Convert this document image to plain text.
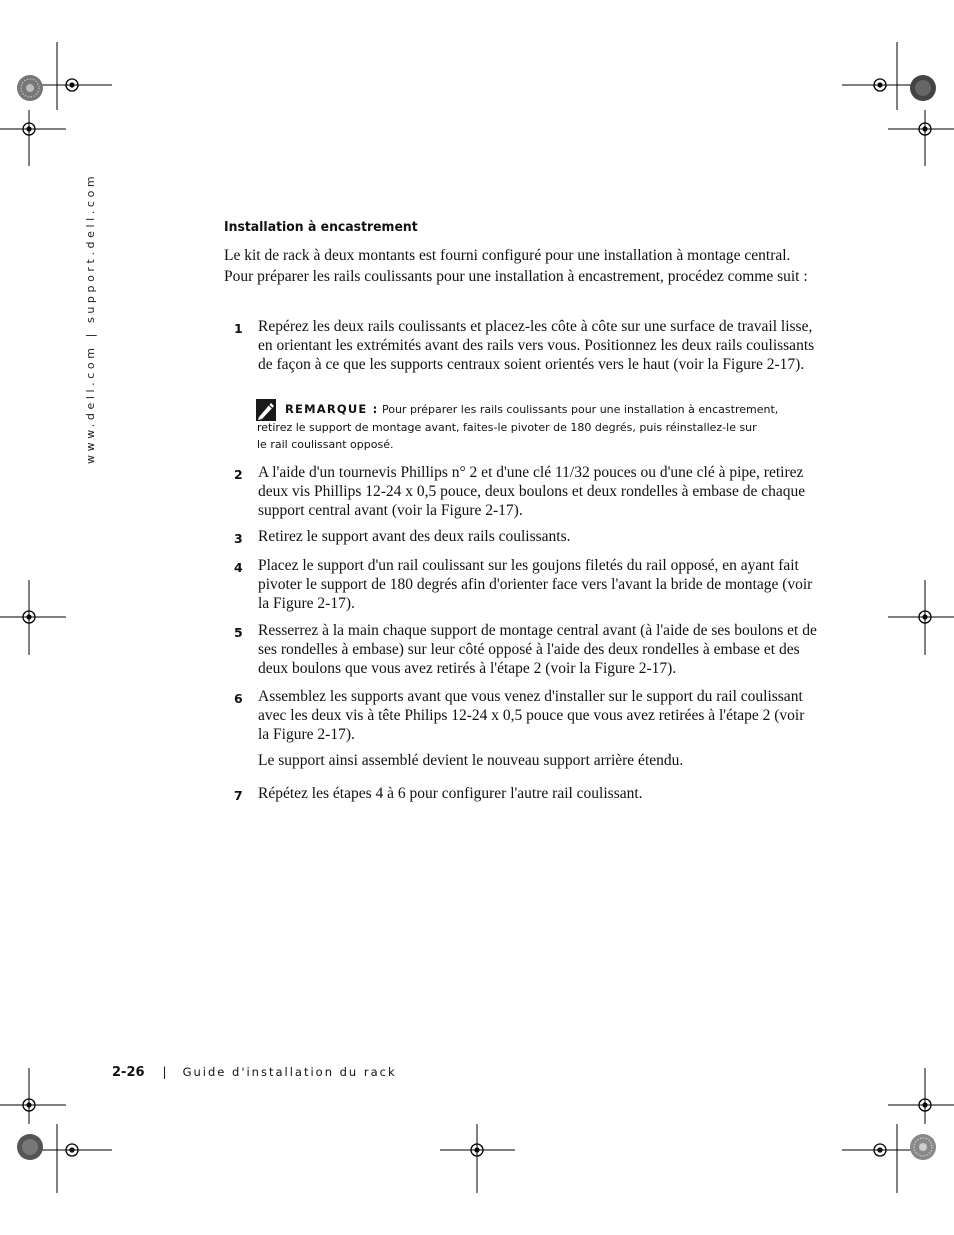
www.dell.com | support.dell.com	Installation à encastrement

Le kit de rack à deux montants est fourni configuré pour une installation à montage central.

Pour préparer les rails coulissants pour une installation à encastrement, procédez comme suit :

1 Repérez les deux rails coulissants et placez-les côte à côte sur une surface de travail lisse, en orientant les extrémités avant des rails vers vous. Positionnez les deux rails coulissants de façon à ce que les supports centraux soient orientés vers le haut (voir la Figure 2-17).
REMARQUE : Pour préparer les rails coulissants pour une installation à encastrement,
retirez le support de montage avant, faites-le pivoter de 180 degrés, puis réinstallez-le sur
le rail coulissant opposé.
2 A l'aide d'un tournevis Phillips n° 2 et d'une clé 11/32 pouces ou d'une clé à pipe, retirez deux vis Phillips 12-24 x 0,5 pouce, deux boulons et deux rondelles à embase de chaque support central avant (voir la Figure 2-17).
3 Retirez le support avant des deux rails coulissants.
4 Placez le support d'un rail coulissant sur les goujons filetés du rail opposé, en ayant fait pivoter le support de 180 degrés afin d'orienter face vers l'avant la bride de montage (voir la Figure 2-17).
5 Resserrez à la main chaque support de montage central avant (à l'aide de ses boulons et de ses rondelles à embase) sur leur côté opposé à l'aide des deux rondelles à embase et des deux boulons que vous avez retirés à l'étape 2 (voir la Figure 2-17).
6 Assemblez les supports avant que vous venez d'installer sur le support du rail coulissant avec les deux vis à tête Philips 12-24 x 0,5 pouce que vous avez retirées à l'étape 2 (voir la Figure 2-17).
Le support ainsi assemblé devient le nouveau support arrière étendu.
7 Répétez les étapes 4 à 6 pour configurer l'autre rail coulissant.
2-26 | Guide d'installation du rack
